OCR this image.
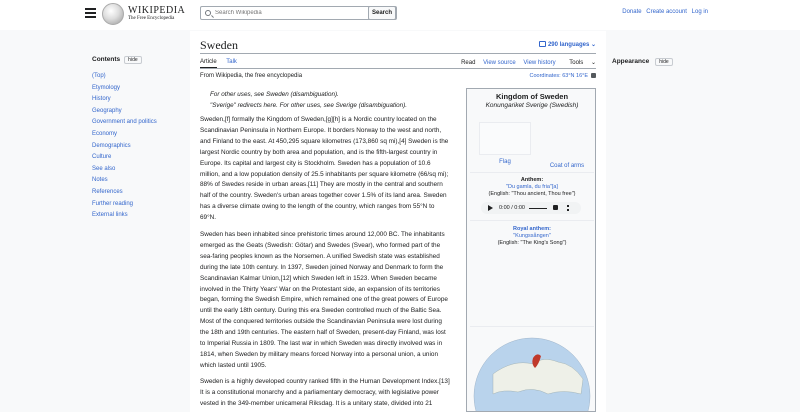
WIKIPEDIA
The Free Encyclopedia
Search Wikipedia
Search	Donate Create account Log in
Contents hide
(Top)
Etymology
History
Geography
Government and politics
Economy
Demographics
Culture
See also
Notes
References
Further reading
External links
Sweden	290 languages ⌄
Article Talk	Read View source View history Tools ⌄
From Wikipedia, the free encyclopedia	Coordinates: 63°N 16°E
For other uses, see Sweden (disambiguation).
"Sverige" redirects here. For other uses, see Sverige (disambiguation).
Sweden,[f] formally the Kingdom of Sweden,[g][h] is a Nordic country located on the
Scandinavian Peninsula in Northern Europe. It borders Norway to the west and north,
and Finland to the east. At 450,295 square kilometres (173,860 sq mi),[4] Sweden is the
largest Nordic country by both area and population, and is the fifth-largest country in
Europe. Its capital and largest city is Stockholm. Sweden has a population of 10.6
million, and a low population density of 25.5 inhabitants per square kilometre (66/sq mi);
88% of Swedes reside in urban areas.[11] They are mostly in the central and southern
half of the country. Sweden's urban areas together cover 1.5% of its land area. Sweden
has a diverse climate owing to the length of the country, which ranges from 55°N to
69°N.
Sweden has been inhabited since prehistoric times around 12,000 BC. The inhabitants
emerged as the Geats (Swedish: Götar) and Swedes (Svear), who formed part of the
sea-faring peoples known as the Norsemen. A unified Swedish state was established
during the late 10th century. In 1397, Sweden joined Norway and Denmark to form the
Scandinavian Kalmar Union,[12] which Sweden left in 1523. When Sweden became
involved in the Thirty Years' War on the Protestant side, an expansion of its territories
began, forming the Swedish Empire, which remained one of the great powers of Europe
until the early 18th century. During this era Sweden controlled much of the Baltic Sea.
Most of the conquered territories outside the Scandinavian Peninsula were lost during
the 18th and 19th centuries. The eastern half of Sweden, present-day Finland, was lost
to Imperial Russia in 1809. The last war in which Sweden was directly involved was in
1814, when Sweden by military means forced Norway into a personal union, a union
which lasted until 1905.
Sweden is a highly developed country ranked fifth in the Human Development Index.[13]
It is a constitutional monarchy and a parliamentary democracy, with legislative power
vested in the 349-member unicameral Riksdag. It is a unitary state, divided into 21
Kingdom of Sweden
Konungariket Sverige (Swedish)
Flag
Coat of arms
Anthem:
"Du gamla, du fria"[a]
(English: "Thou ancient, Thou free")
0:00 / 0:00
Royal anthem:
"Kungssången"
(English: "The King's Song")
Appearance hide
